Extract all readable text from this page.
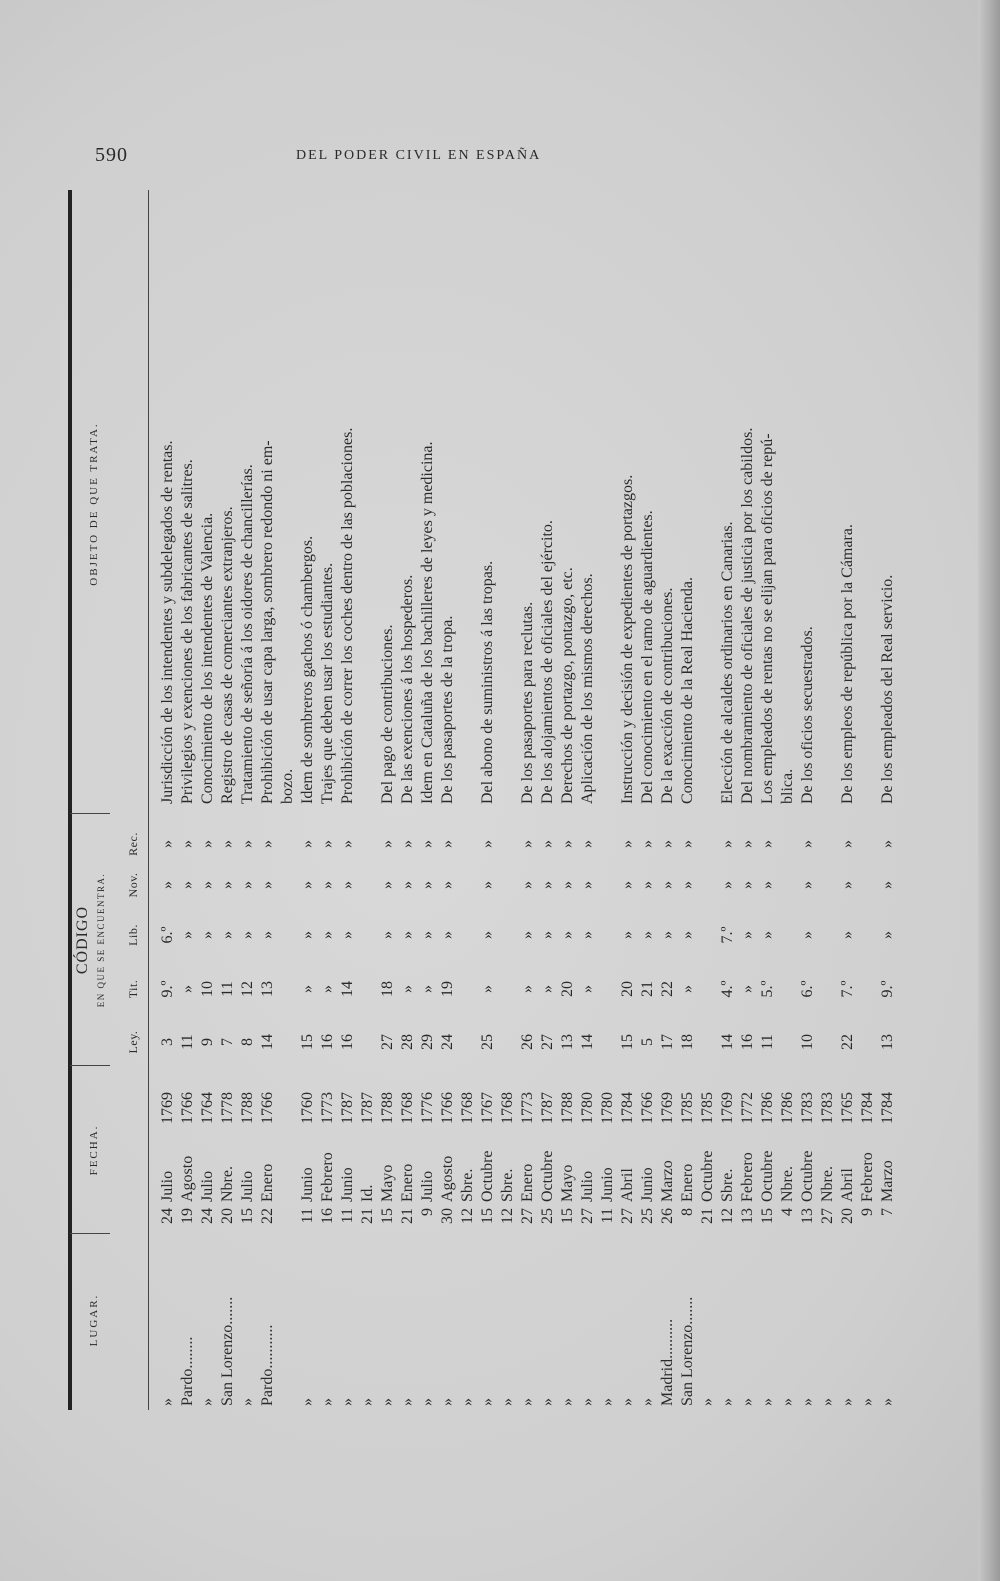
590	DEL PODER CIVIL EN ESPAÑA
LUGAR.
FECHA.
CÓDIGO EN QUE SE ENCUENTRA.
OBJETO DE QUE TRATA.
Ley.
Tit.
Lib.
Nov.
Rec.
»
24
Julio
1769
3
9.º
6.º
»
»
Jurisdicción de los intendentes y subdelegados de rentas.
Pardo........
19
Agosto
1766
11
»
»
»
»
Privilegios y exenciones de los fabricantes de salitres.
»
24
Julio
1764
9
10
»
»
»
Conocimiento de los intendentes de Valencia.
San Lorenzo.......
20
Nbre.
1778
7
11
»
»
»
Registro de casas de comerciantes extranjeros.
»
15
Julio
1788
8
12
»
»
»
Tratamiento de señoría á los oidores de chancillerías.
Pardo...........
22
Enero
1766
14
13
»
»
»
Prohibición de usar capa larga, sombrero redondo ni em- bozo.
»
11
Junio
1760
15
»
»
»
»
Idem de sombreros gachos ó chambergos.
»
16
Febrero
1773
16
»
»
»
»
Trajes que deben usar los estudiantes.
»
11
Junio
1787
16
14
»
»
»
Prohibición de correr los coches dentro de las poblaciones.
»
21
Id.
1787
»
15
Mayo
1788
27
18
»
»
»
Del pago de contribuciones.
»
21
Enero
1768
28
»
»
»
»
De las exenciones á los hospederos.
»
9
Julio
1776
29
»
»
»
»
Idem en Cataluña de los bachilleres de leyes y medicina.
»
30
Agosto
1766
24
19
»
»
»
De los pasaportes de la tropa.
»
12
Sbre.
1768
»
15
Octubre
1767
25
»
»
»
»
Del abono de suministros á las tropas.
»
12
Sbre.
1768
»
27
Enero
1773
26
»
»
»
»
De los pasaportes para reclutas.
»
25
Octubre
1787
27
»
»
»
»
De los alojamientos de oficiales del ejército.
»
15
Mayo
1788
13
20
»
»
»
Derechos de portazgo, pontazgo, etc.
»
27
Julio
1780
14
»
»
»
»
Aplicación de los mismos derechos.
»
11
Junio
1780
»
27
Abril
1784
15
20
»
»
»
Instrucción y decisión de expedientes de portazgos.
»
25
Junio
1766
5
21
»
»
»
Del conocimiento en el ramo de aguardientes.
Madrid..........
26
Marzo
1769
17
22
»
»
»
De la exacción de contribuciones.
San Lorenzo.......
8
Enero
1785
18
»
»
»
»
Conocimiento de la Real Hacienda.
»
21
Octubre
1785
»
12
Sbre.
1769
14
4.º
7.º
»
»
Elección de alcaldes ordinarios en Canarias.
»
13
Febrero
1772
16
»
»
»
»
Del nombramiento de oficiales de justicia por los cabildos.
»
15
Octubre
1786
11
5.º
»
»
»
Los empleados de rentas no se elijan para oficios de repú-
»
4
Nbre.
1786
blica.
»
13
Octubre
1783
10
6.º
»
»
»
De los oficios secuestrados.
»
27
Nbre.
1783
»
20
Abril
1765
22
7.º
»
»
»
De los empleos de república por la Cámara.
»
9
Febrero
1784
»
7
Marzo
1784
13
9.º
»
»
»
De los empleados del Real servicio.
